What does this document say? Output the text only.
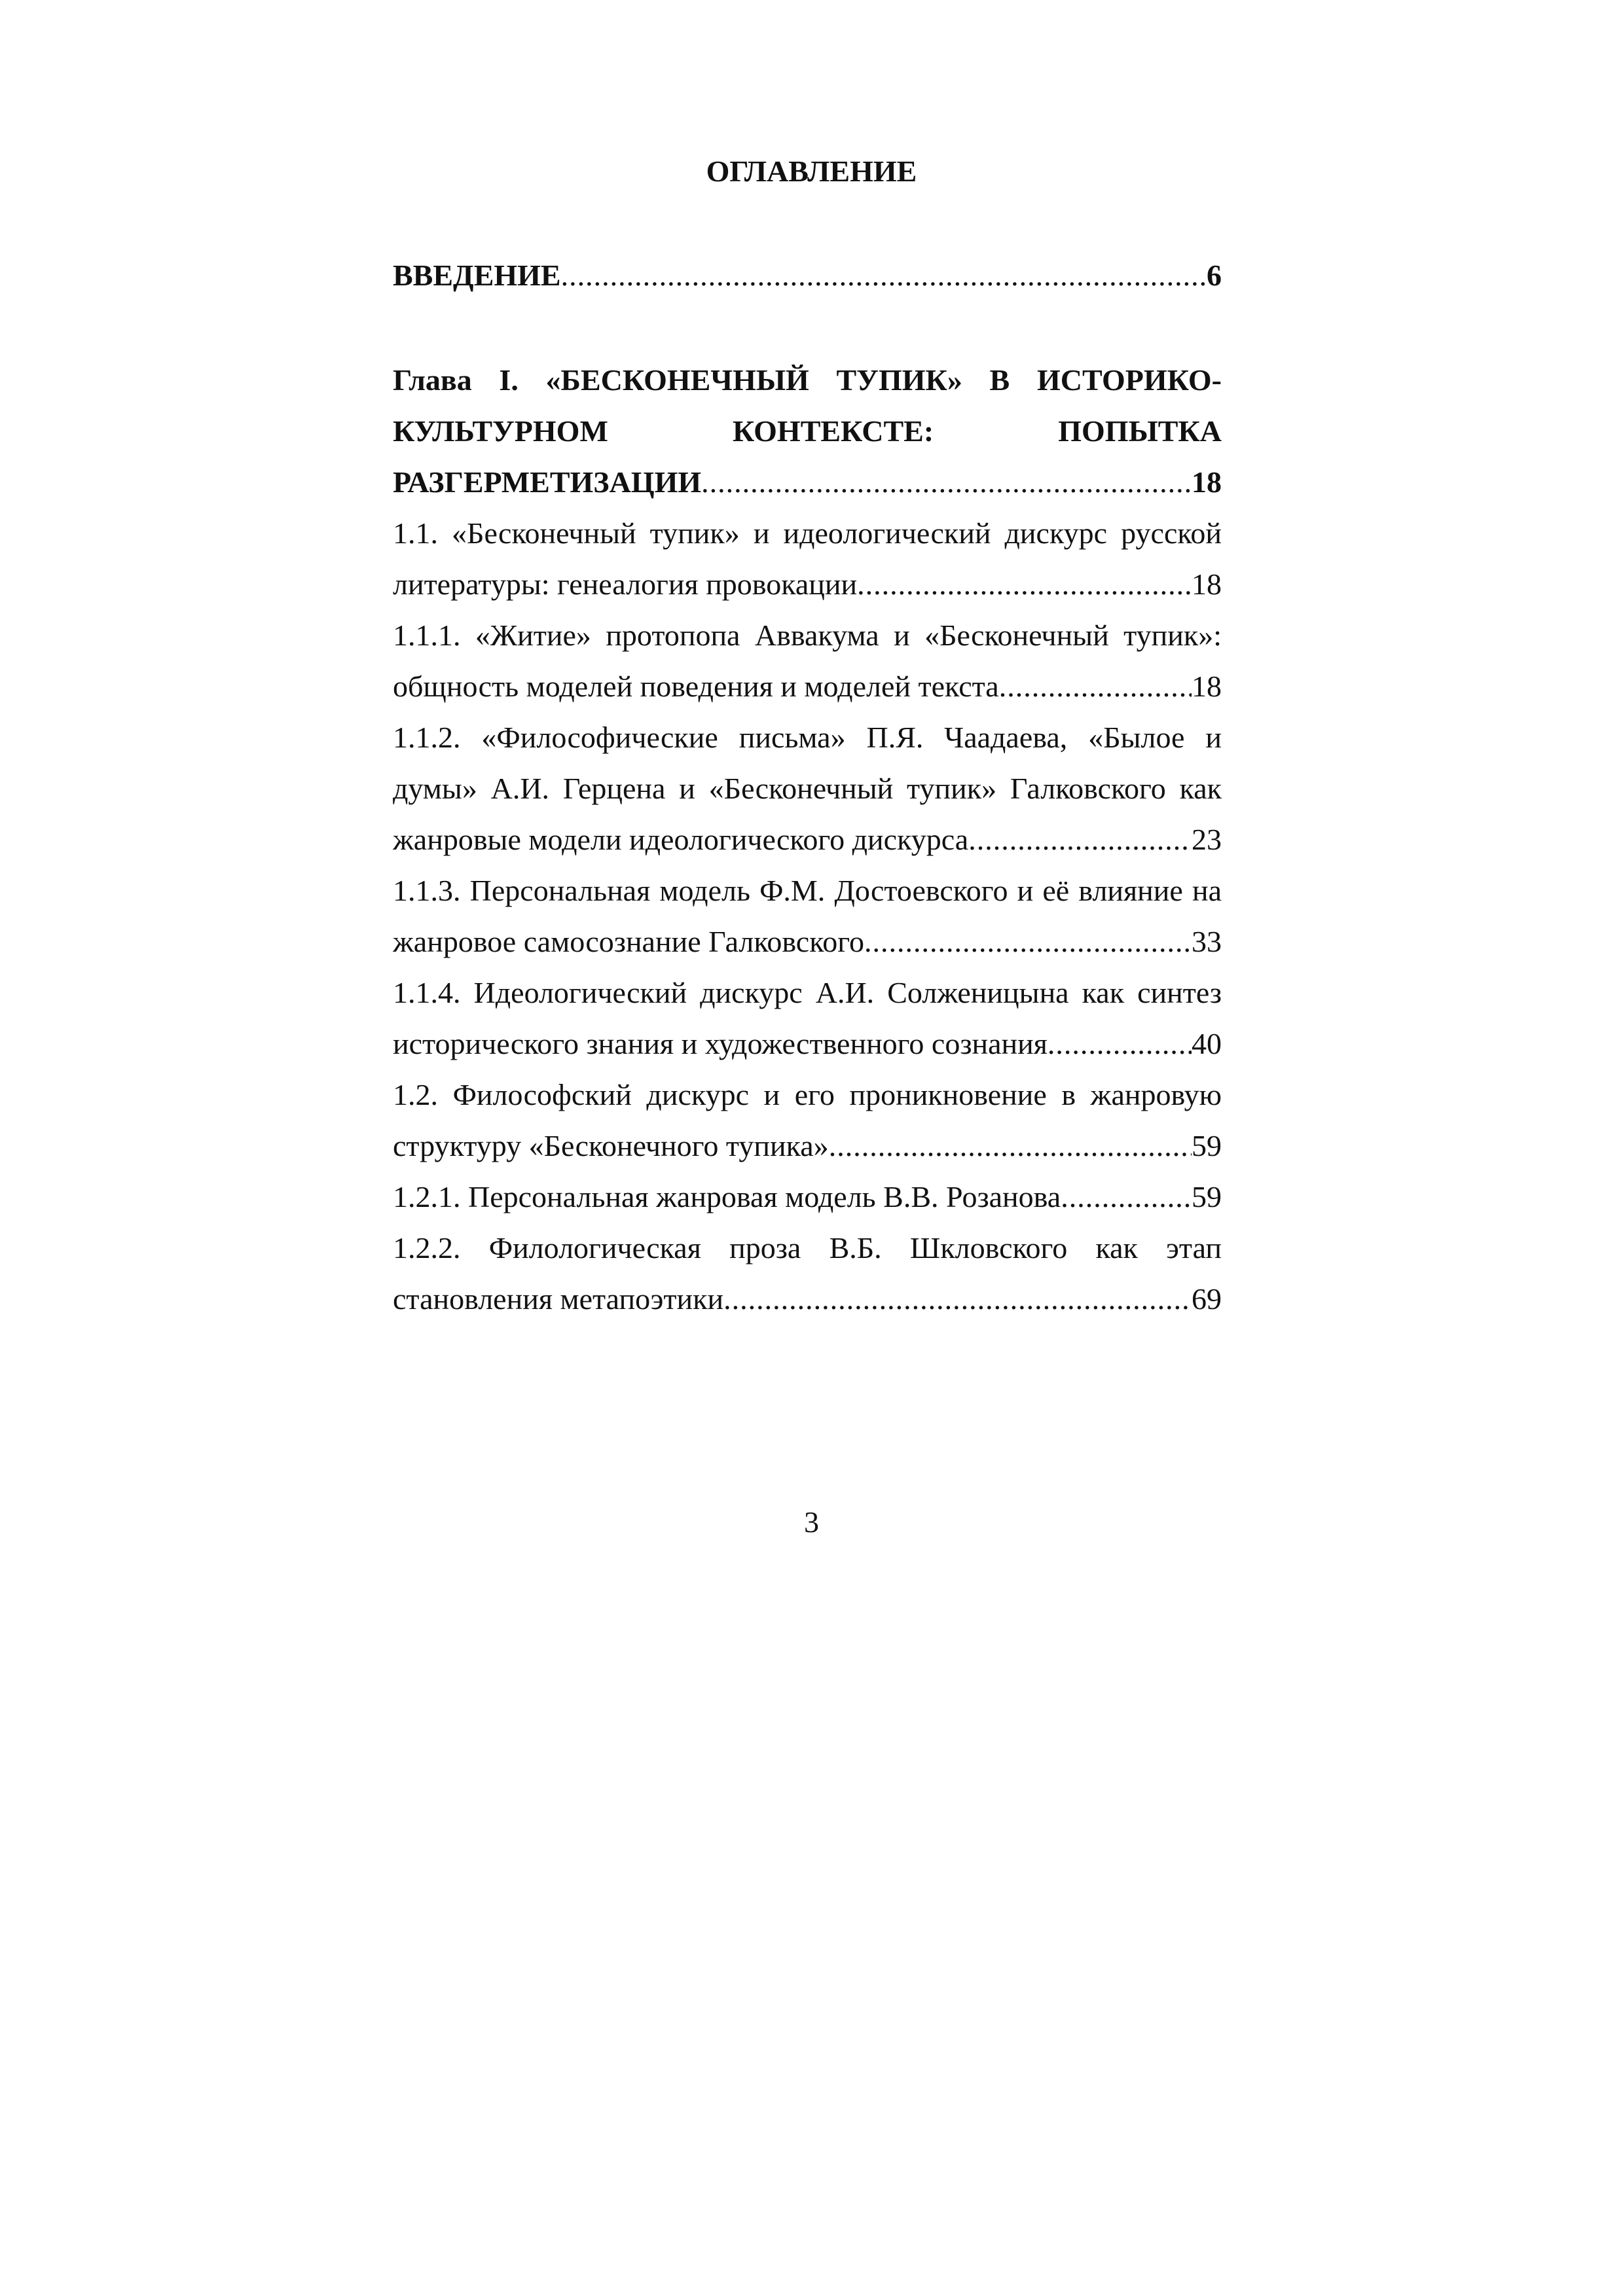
ОГЛАВЛЕНИЕ
ВВЕДЕНИЕ .....	6
Глава I. «БЕСКОНЕЧНЫЙ ТУПИК» В ИСТОРИКО-
КУЛЬТУРНОМ КОНТЕКСТЕ: ПОПЫТКА
РАЗГЕРМЕТИЗАЦИИ .....	18
1.1. «Бесконечный тупик» и идеологический дискурс русской
литературы: генеалогия провокации .....	18
1.1.1. «Житие» протопопа Аввакума и «Бесконечный тупик»:
общность моделей поведения и моделей текста .....	18
1.1.2. «Философические письма» П.Я. Чаадаева, «Былое и
думы» А.И. Герцена и «Бесконечный тупик» Галковского как
жанровые модели идеологического дискурса .....	23
1.1.3. Персональная модель Ф.М. Достоевского и её влияние на
жанровое самосознание Галковского .....	33
1.1.4. Идеологический дискурс А.И. Солженицына как синтез
исторического знания и художественного сознания .....	40
1.2. Философский дискурс и его проникновение в жанровую
структуру «Бесконечного тупика» .....	59
1.2.1. Персональная жанровая модель В.В. Розанова .....	59
1.2.2. Филологическая проза В.Б. Шкловского как этап
становления метапоэтики .....	69
3
